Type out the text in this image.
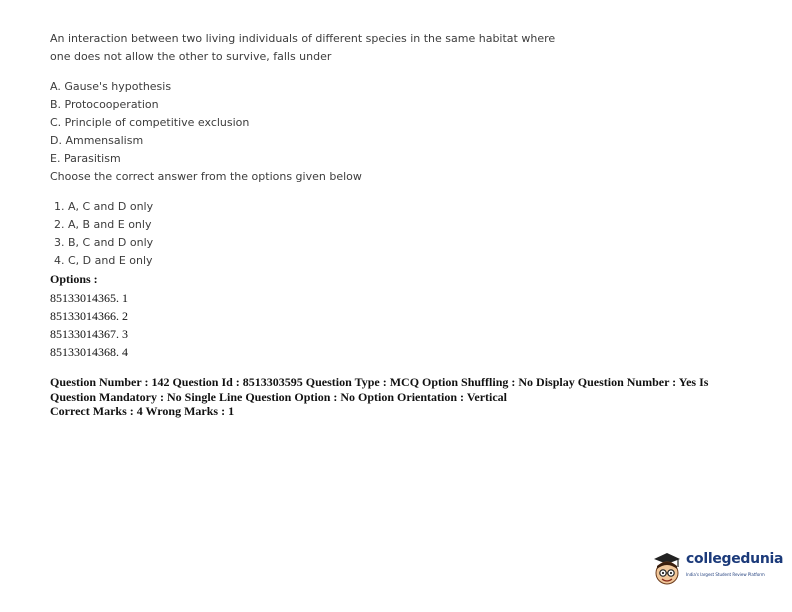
An interaction between two living individuals of different species in the same habitat where

one does not allow the other to survive, falls under

A. Gause's hypothesis
B. Protocooperation
C. Principle of competitive exclusion
D. Ammensalism
E. Parasitism
Choose the correct answer from the options given below
1. A, C and D only
2. A, B and E only
3. B, C and D only
4. C, D and E only
Options :
85133014365. 1
85133014366. 2
85133014367. 3
85133014368. 4
Question Number : 142 Question Id : 8513303595 Question Type : MCQ Option Shuffling : No Display Question Number : Yes Is
Question Mandatory : No Single Line Question Option : No Option Orientation : Vertical
Correct Marks : 4 Wrong Marks : 1
collegedunia
India's largest Student Review Platform
